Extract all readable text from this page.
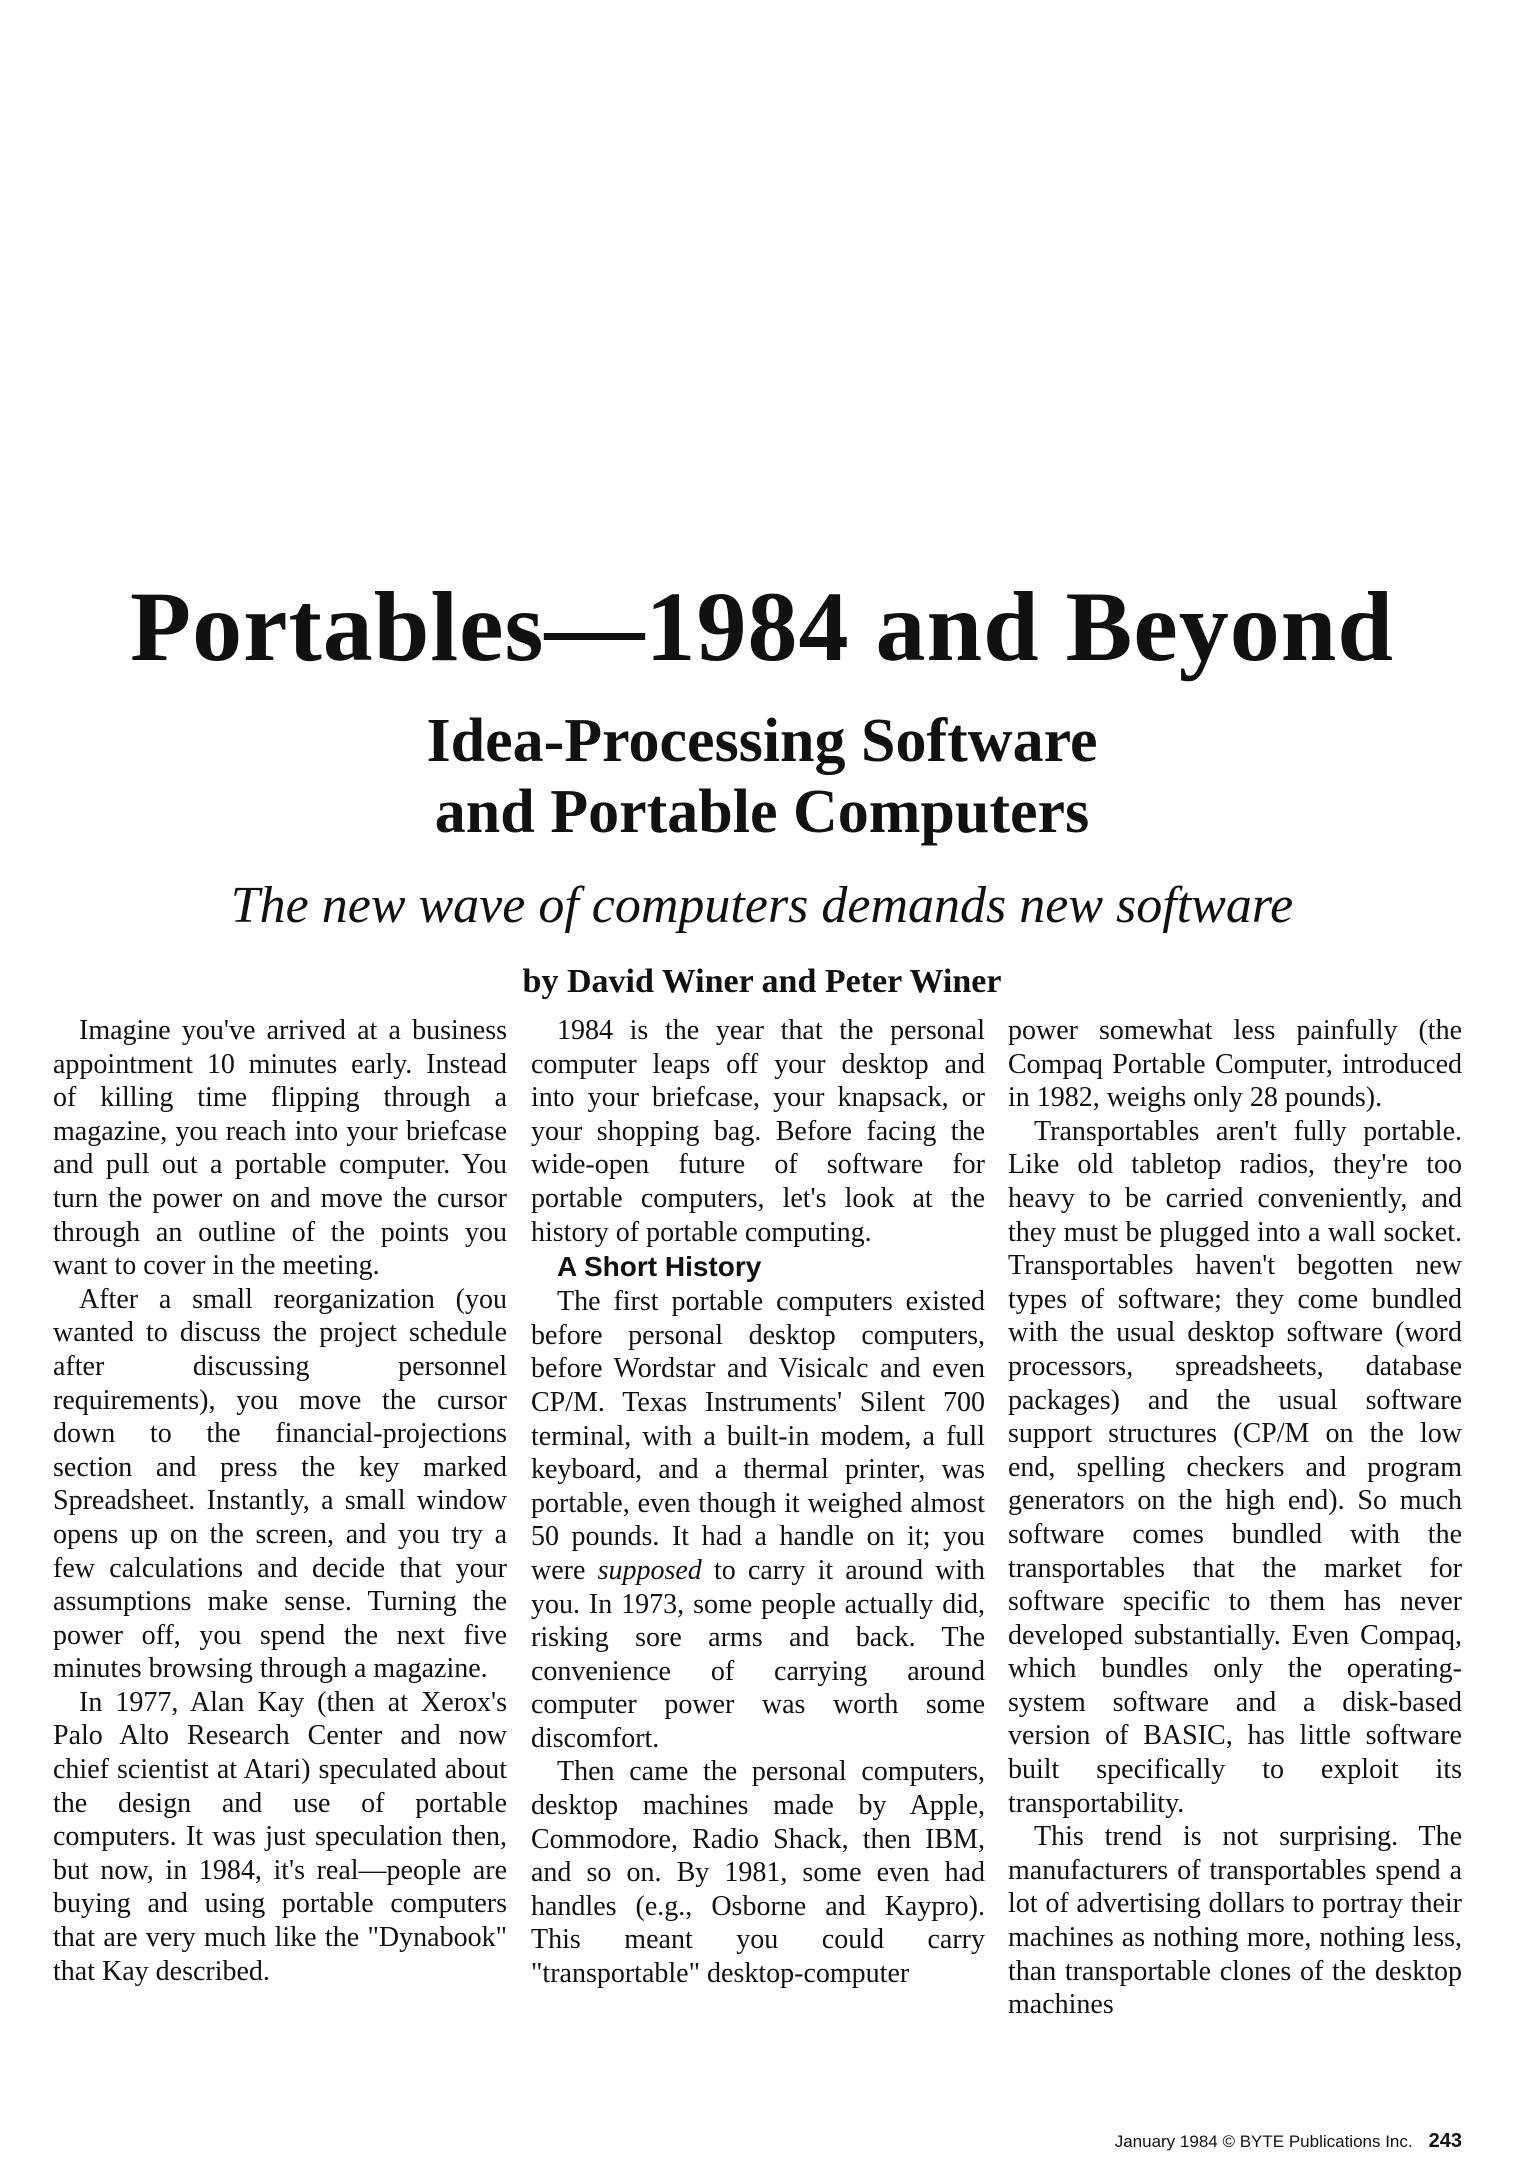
Portables—1984 and Beyond
Idea-Processing Software
and Portable Computers
The new wave of computers demands new software
by David Winer and Peter Winer

Imagine you've arrived at a business appointment 10 minutes early. Instead of killing time flipping through a magazine, you reach into your briefcase and pull out a portable computer. You turn the power on and move the cursor through an outline of the points you want to cover in the meeting.

After a small reorganization (you wanted to discuss the project schedule after discussing personnel requirements), you move the cursor down to the financial-projections section and press the key marked Spreadsheet. Instantly, a small window opens up on the screen, and you try a few calculations and decide that your assumptions make sense. Turning the power off, you spend the next five minutes browsing through a magazine.

In 1977, Alan Kay (then at Xerox's Palo Alto Research Center and now chief scientist at Atari) speculated about the design and use of portable computers. It was just speculation then, but now, in 1984, it's real—people are buying and using portable computers that are very much like the "Dynabook" that Kay described.

1984 is the year that the personal computer leaps off your desktop and into your briefcase, your knapsack, or your shopping bag. Before facing the wide-open future of software for portable computers, let's look at the history of portable computing.

A Short History

The first portable computers existed before personal desktop computers, before Wordstar and Visicalc and even CP/M. Texas Instruments' Silent 700 terminal, with a built-in modem, a full keyboard, and a thermal printer, was portable, even though it weighed almost 50 pounds. It had a handle on it; you were supposed to carry it around with you. In 1973, some people actually did, risking sore arms and back. The convenience of carrying around computer power was worth some discomfort.

Then came the personal computers, desktop machines made by Apple, Commodore, Radio Shack, then IBM, and so on. By 1981, some even had handles (e.g., Osborne and Kaypro). This meant you could carry "transportable" desktop-computer

power somewhat less painfully (the Compaq Portable Computer, introduced in 1982, weighs only 28 pounds).

Transportables aren't fully portable. Like old tabletop radios, they're too heavy to be carried conveniently, and they must be plugged into a wall socket. Transportables haven't begotten new types of software; they come bundled with the usual desktop software (word processors, spreadsheets, database packages) and the usual software support structures (CP/M on the low end, spelling checkers and program generators on the high end). So much software comes bundled with the transportables that the market for software specific to them has never developed substantially. Even Compaq, which bundles only the operating-system software and a disk-based version of BASIC, has little software built specifically to exploit its transportability.

This trend is not surprising. The manufacturers of transportables spend a lot of advertising dollars to portray their machines as nothing more, nothing less, than transportable clones of the desktop machines

January 1984 © BYTE Publications Inc. 243
